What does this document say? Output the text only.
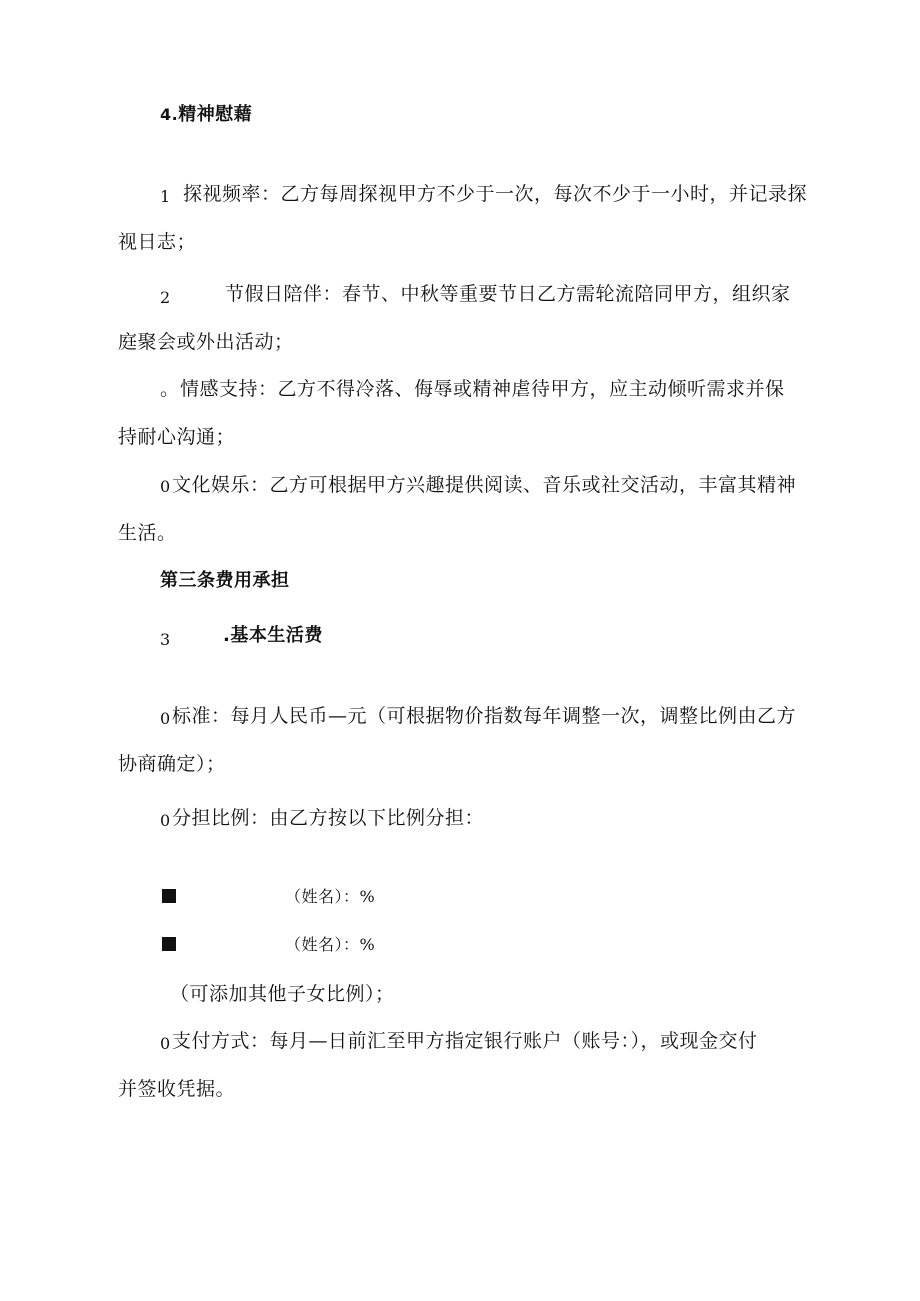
4.精神慰藉
1 探视频率：乙方每周探视甲方不少于一次，每次不少于一小时，并记录探
视日志；
2	节假日陪伴：春节、中秋等重要节日乙方需轮流陪同甲方，组织家
庭聚会或外出活动；
。 情感支持：乙方不得冷落、侮辱或精神虐待甲方，应主动倾听需求并保
持耐心沟通；
0 文化娱乐：乙方可根据甲方兴趣提供阅读、音乐或社交活动，丰富其精神
生活。
第三条费用承担
3	.基本生活费
0 标准：每月人民币—元（可根据物价指数每年调整一次，调整比例由乙方
协商确定）；
0 分担比例：由乙方按以下比例分担：
（姓名）：%
（姓名）：%
（可添加其他子女比例）；
0 支付方式：每月—日前汇至甲方指定银行账户（账号：），或现金交付
并签收凭据。
